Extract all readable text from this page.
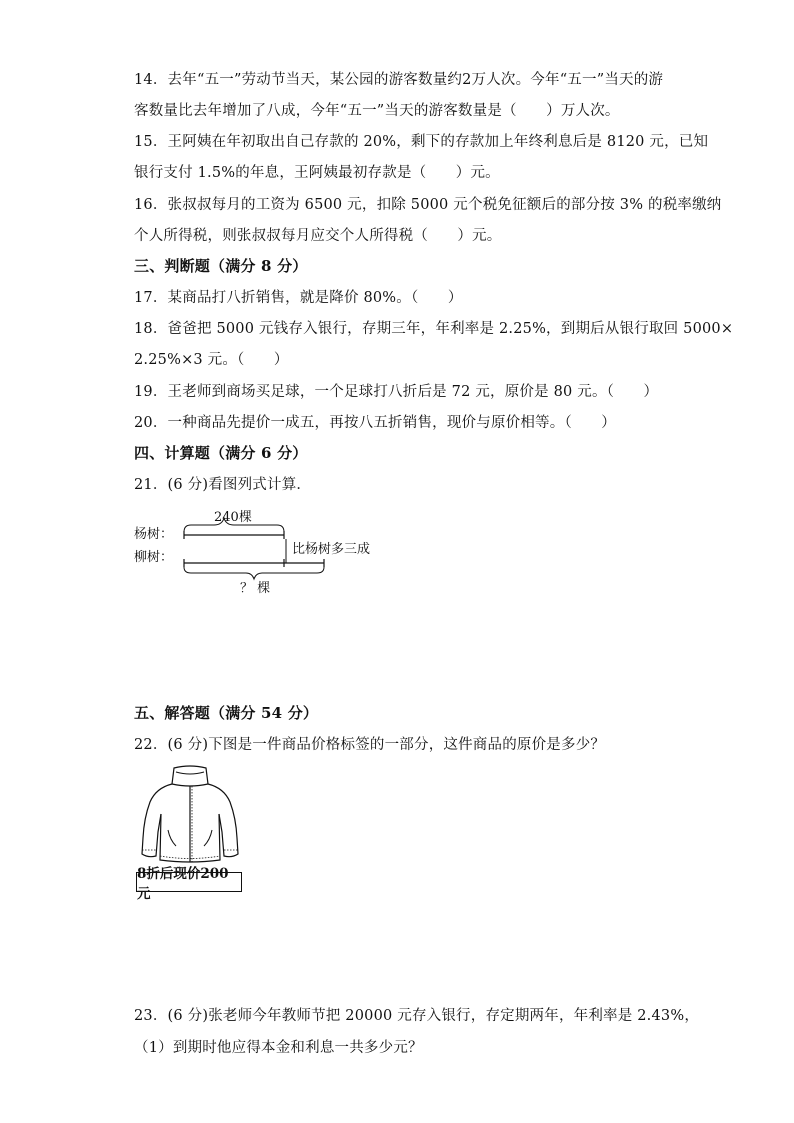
14．去年“五一”劳动节当天，某公园的游客数量约2万人次。今年“五一”当天的游
客数量比去年增加了八成，今年“五一”当天的游客数量是（　　）万人次。
15．王阿姨在年初取出自己存款的 20%，剩下的存款加上年终利息后是 8120 元，已知
银行支付 1.5%的年息，王阿姨最初存款是（　　）元。
16．张叔叔每月的工资为 6500 元，扣除 5000 元个税免征额后的部分按 3% 的税率缴纳
个人所得税，则张叔叔每月应交个人所得税（　　）元。
三、判断题（满分 8 分）
17．某商品打八折销售，就是降价 80%。（　　）
18．爸爸把 5000 元钱存入银行，存期三年，年利率是 2.25%，到期后从银行取回 5000×
2.25%×3 元。（　　）
19．王老师到商场买足球，一个足球打八折后是 72 元，原价是 80 元。（　　）
20．一种商品先提价一成五，再按八五折销售，现价与原价相等。（　　）
四、计算题（满分 6 分）
21．(6 分)看图列式计算．
240棵
杨树：
比杨树多三成
柳树：
？ 棵
五、解答题（满分 54 分）
22．(6 分)下图是一件商品价格标签的一部分，这件商品的原价是多少？
8折后现价200元
23．(6 分)张老师今年教师节把 20000 元存入银行，存定期两年，年利率是 2.43%，
（1）到期时他应得本金和利息一共多少元？
